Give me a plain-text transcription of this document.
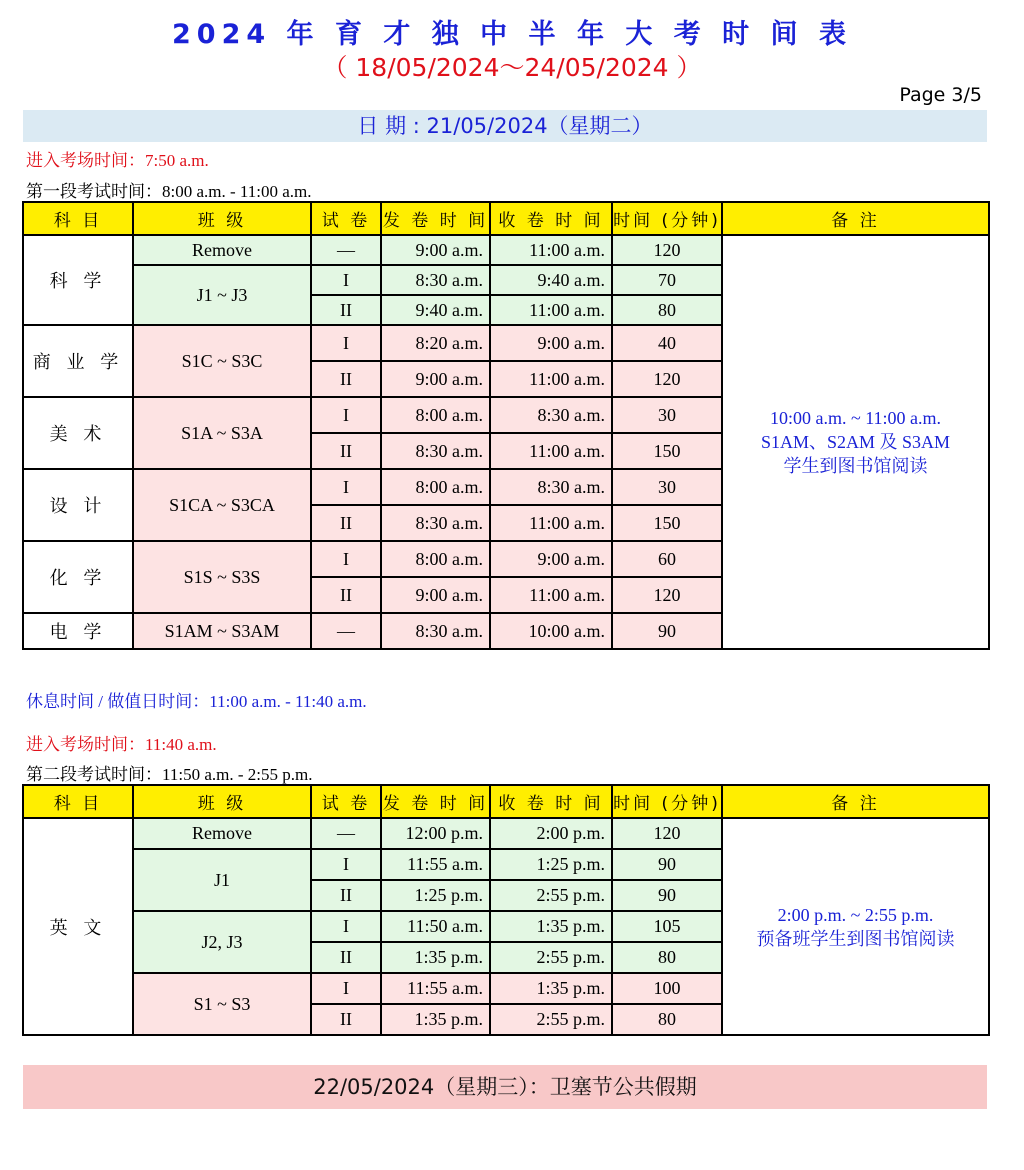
2024 年 育 才 独 中 半 年 大 考 时 间 表
（ 18/05/2024～24/05/2024 ）
Page 3/5
日 期 : 21/05/2024（星期二）
进入考场时间：7:50 a.m.
第一段考试时间：8:00 a.m. - 11:00 a.m.
科 目	班 级	试 卷	发 卷 时 间	收 卷 时 间	时间 (分钟)	备 注
科 学	Remove	—	9:00 a.m.	11:00 a.m.	120	10:00 a.m. ~ 11:00 a.m.
S1AM、S2AM 及 S3AM
学生到图书馆阅读

	J1 ~ J3	I	8:30 a.m.	9:40 a.m.	70	
		II	9:40 a.m.	11:00 a.m.	80	
商 业 学	S1C ~ S3C	I	8:20 a.m.	9:00 a.m.	40	
		II	9:00 a.m.	11:00 a.m.	120	
美 术	S1A ~ S3A	I	8:00 a.m.	8:30 a.m.	30	
		II	8:30 a.m.	11:00 a.m.	150	
设 计	S1CA ~ S3CA	I	8:00 a.m.	8:30 a.m.	30	
		II	8:30 a.m.	11:00 a.m.	150	
化 学	S1S ~ S3S	I	8:00 a.m.	9:00 a.m.	60	
		II	9:00 a.m.	11:00 a.m.	120	
电 学	S1AM ~ S3AM	—	8:30 a.m.	10:00 a.m.	90	
休息时间 / 做值日时间：11:00 a.m. - 11:40 a.m.
进入考场时间：11:40 a.m.
第二段考试时间：11:50 a.m. - 2:55 p.m.
科 目	班 级	试 卷	发 卷 时 间	收 卷 时 间	时间 (分钟)	备 注
英 文	Remove	—	12:00 p.m.	2:00 p.m.	120	2:00 p.m. ~ 2:55 p.m.
预备班学生到图书馆阅读

	J1	I	11:55 a.m.	1:25 p.m.	90	
		II	1:25 p.m.	2:55 p.m.	90	
	J2, J3	I	11:50 a.m.	1:35 p.m.	105	
		II	1:35 p.m.	2:55 p.m.	80	
	S1 ~ S3	I	11:55 a.m.	1:35 p.m.	100	
		II	1:35 p.m.	2:55 p.m.	80	
22/05/2024（星期三）：卫塞节公共假期
